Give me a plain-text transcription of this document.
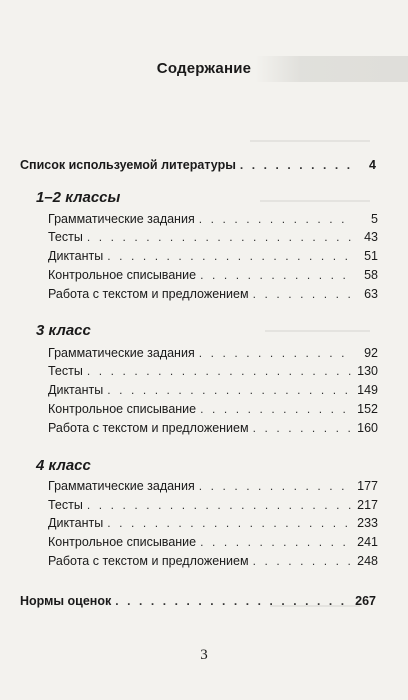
Содержание
Список используемой литературы . . .	4
1–2 классы
Грамматические задания . . .	5
Тесты . . .	43
Диктанты . . .	51
Контрольное списывание . . .	58
Работа с текстом и предложением . . .	63
3 класс
Грамматические задания . . .	92
Тесты . . .	130
Диктанты . . .	149
Контрольное списывание . . .	152
Работа с текстом и предложением . . .	160
4 класс
Грамматические задания . . .	177
Тесты . . .	217
Диктанты . . .	233
Контрольное списывание . . .	241
Работа с текстом и предложением . . .	248
Нормы оценок . . .	267
3
